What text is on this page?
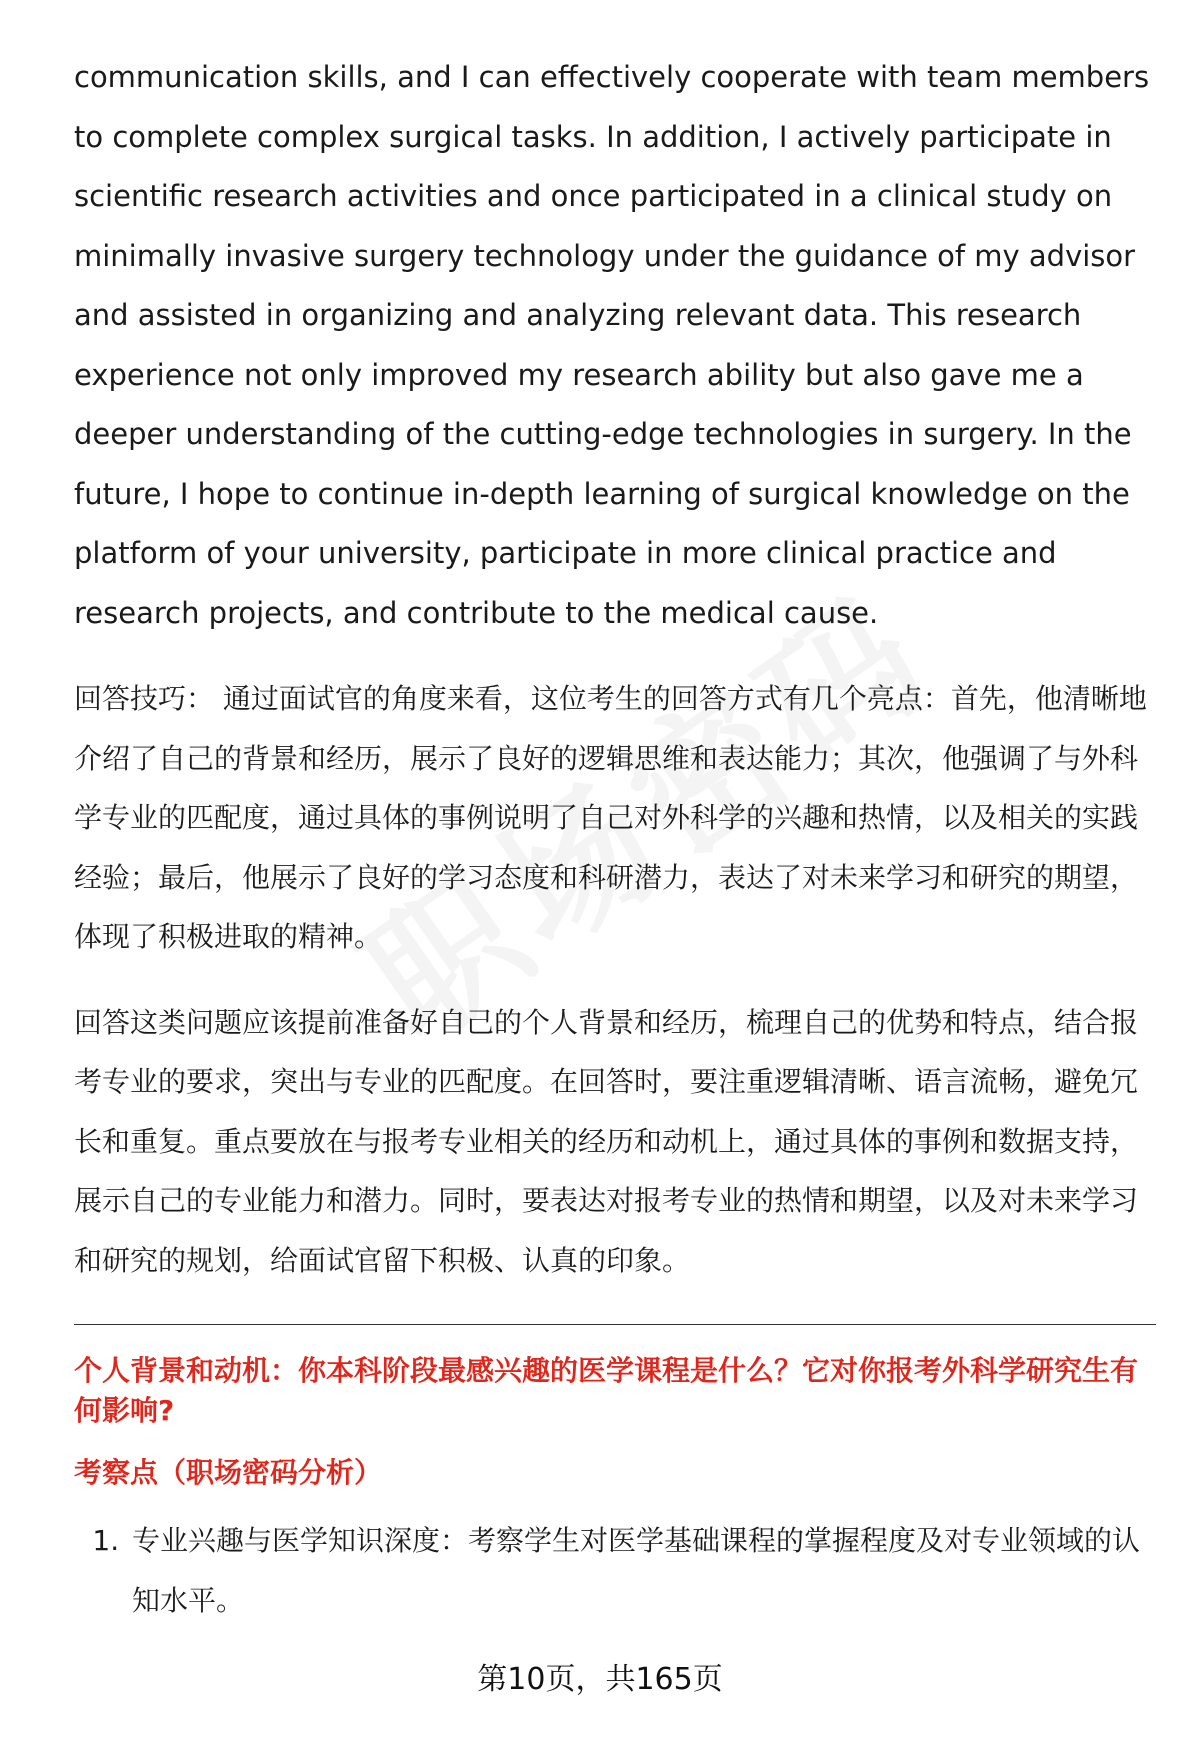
communication skills, and I can effectively cooperate with team members to complete complex surgical tasks. In addition, I actively participate in scientific research activities and once participated in a clinical study on minimally invasive surgery technology under the guidance of my advisor and assisted in organizing and analyzing relevant data. This research experience not only improved my research ability but also gave me a deeper understanding of the cutting-edge technologies in surgery. In the future, I hope to continue in-depth learning of surgical knowledge on the platform of your university, participate in more clinical practice and research projects, and contribute to the medical cause.

回答技巧： 通过面试官的角度来看，这位考生的回答方式有几个亮点：首先，他清晰地介绍了自己的背景和经历，展示了良好的逻辑思维和表达能力；其次，他强调了与外科学专业的匹配度，通过具体的事例说明了自己对外科学的兴趣和热情，以及相关的实践经验；最后，他展示了良好的学习态度和科研潜力，表达了对未来学习和研究的期望，体现了积极进取的精神。

回答这类问题应该提前准备好自己的个人背景和经历，梳理自己的优势和特点，结合报考专业的要求，突出与专业的匹配度。在回答时，要注重逻辑清晰、语言流畅，避免冗长和重复。重点要放在与报考专业相关的经历和动机上，通过具体的事例和数据支持，展示自己的专业能力和潜力。同时，要表达对报考专业的热情和期望，以及对未来学习和研究的规划，给面试官留下积极、认真的印象。

个人背景和动机：你本科阶段最感兴趣的医学课程是什么？它对你报考外科学研究生有何影响?

考察点（职场密码分析）

1. 专业兴趣与医学知识深度：考察学生对医学基础课程的掌握程度及对专业领域的认知水平。
第10页，共165页
